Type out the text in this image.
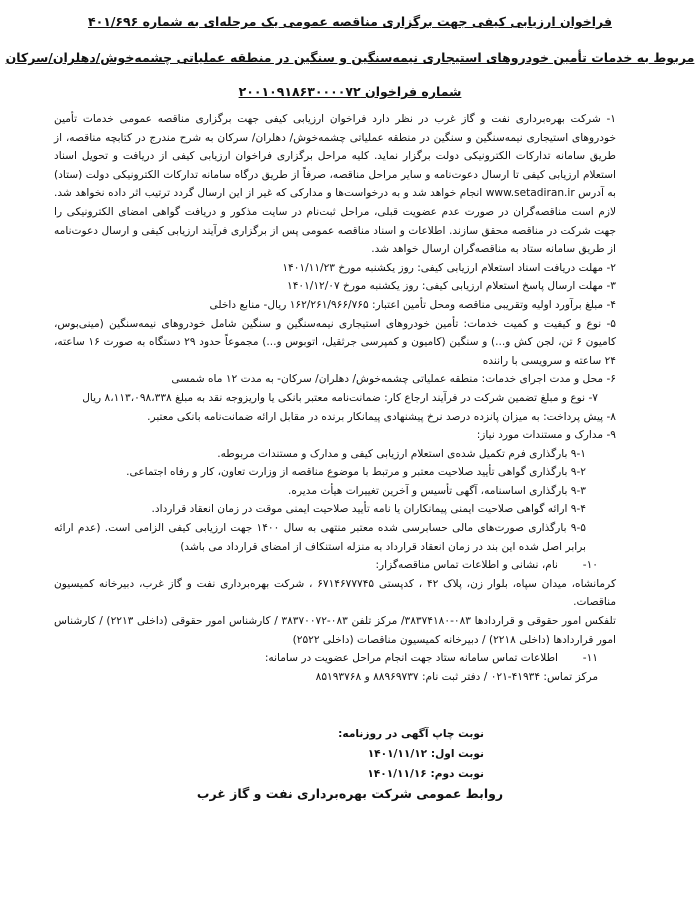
فراخوان ارزیابی کیفی جهت برگزاری مناقصه عمومی یک مرحله‌ای به شماره ۴۰۱/۶۹۶

مربوط به خدمات تأمین خودروهای استیجاری نیمه‌سنگین و سنگین در منطقه عملیاتی چشمه‌خوش/دهلران/سرکان

شماره فراخوان ۲۰۰۱۰۹۱۸۶۳۰۰۰۰۷۲

۱- شرکت بهره‌برداری نفت و گاز غرب در نظر دارد فراخوان ارزیابی کیفی جهت برگزاری مناقصه عمومی خدمات تأمین خودروهای استیجاری نیمه‌سنگین و سنگین در منطقه عملیاتی چشمه‌خوش/ دهلران/ سرکان به شرح مندرج در کتابچه مناقصه، از طریق سامانه تدارکات الکترونیکی دولت برگزار نماید. کلیه مراحل برگزاری فراخوان ارزیابی کیفی از دریافت و تحویل اسناد استعلام ارزیابی کیفی تا ارسال دعوت‌نامه و سایر مراحل مناقصه، صرفاً از طریق درگاه سامانه تدارکات الکترونیکی دولت (ستاد) به آدرس www.setadiran.ir انجام خواهد شد و به درخواست‌ها و مدارکی که غیر از این ارسال گردد ترتیب اثر داده نخواهد شد. لازم است مناقصه‌گران در صورت عدم عضویت قبلی، مراحل ثبت‌نام در سایت مذکور و دریافت گواهی امضای الکترونیکی را جهت شرکت در مناقصه محقق سازند. اطلاعات و اسناد مناقصه عمومی پس از برگزاری فرآیند ارزیابی کیفی و ارسال دعوت‌نامه از طریق سامانه ستاد به مناقصه‌گران ارسال خواهد شد.

۲- مهلت دریافت اسناد استعلام ارزیابی کیفی: روز یکشنبه مورخ ۱۴۰۱/۱۱/۲۳

۳- مهلت ارسال پاسخ استعلام ارزیابی کیفی: روز یکشنبه مورخ ۱۴۰۱/۱۲/۰۷

۴- مبلغ برآورد اولیه وتقریبی مناقصه ومحل تأمین اعتبار: ۱۶۲/۲۶۱/۹۶۶/۷۶۵ ریال- منابع داخلی

۵- نوع و کیفیت و کمیت خدمات: تأمین خودروهای استیجاری نیمه‌سنگین و سنگین شامل خودروهای نیمه‌سنگین (مینی‌بوس، کامیون ۶ تن، لجن کش و...) و سنگین (کامیون و کمپرسی جرثقیل، اتوبوس و...) مجموعاً حدود ۲۹ دستگاه به صورت ۱۶ ساعته، ۲۴ ساعته و سرویسی با راننده

۶- محل و مدت اجرای خدمات: منطقه عملیاتی چشمه‌خوش/ دهلران/ سرکان- به مدت ۱۲ ماه شمسی

۷- نوع و مبلغ تضمین شرکت در فرآیند ارجاع کار: ضمانت‌نامه معتبر بانکی یا واریزوجه نقد به مبلغ ۸،۱۱۳،۰۹۸،۳۳۸ ریال

۸- پیش پرداخت: به میزان پانزده درصد نرخ پیشنهادی پیمانکار برنده در مقابل ارائه ضمانت‌نامه بانکی معتبر.

۹- مدارک و مستندات مورد نیاز:

۹-۱ بارگذاری فرم تکمیل شده‌ی استعلام ارزیابی کیفی و مدارک و مستندات مربوطه.

۹-۲ بارگذاری گواهی تأیید صلاحیت معتبر و مرتبط با موضوع مناقصه از وزارت تعاون، کار و رفاه اجتماعی.

۹-۳ بارگذاری اساسنامه، آگهی تأسیس و آخرین تغییرات هیأت مدیره.

۹-۴ ارائه گواهی صلاحیت ایمنی پیمانکاران یا نامه تأیید صلاحیت ایمنی موقت در زمان انعقاد قرارداد.

۹-۵ بارگذاری صورت‌های مالی حسابرسی شده معتبر منتهی به سال ۱۴۰۰ جهت ارزیابی کیفی الزامی است. (عدم ارائه برابر اصل شده این بند در زمان انعقاد قرارداد به منزله استنکاف از امضای قرارداد می باشد)

۱۰-نام، نشانی و اطلاعات تماس مناقصه‌گزار:

کرمانشاه، میدان سپاه، بلوار زن، پلاک ۴۲ ، کدپستی ۶۷۱۴۶۷۷۷۴۵ ، شرکت بهره‌برداری نفت و گاز غرب، دبیرخانه کمیسیون مناقصات.

تلفکس امور حقوقی و قراردادها ۰۸۳-۳۸۳۷۴۱۸۰/ مرکز تلفن ۰۸۳-۳۸۳۷۰۰۷۲ / کارشناس امور حقوقی (داخلی ۲۲۱۳) / کارشناس امور قراردادها (داخلی ۲۲۱۸) / دبیرخانه کمیسیون مناقصات (داخلی ۲۵۲۲)

۱۱-اطلاعات تماس سامانه ستاد جهت انجام مراحل عضویت در سامانه:

مرکز تماس: ۴۱۹۳۴-۰۲۱ / دفتر ثبت نام: ۸۸۹۶۹۷۳۷ و ۸۵۱۹۳۷۶۸

نوبت چاپ آگهی در روزنامه:
نوبت اول: ۱۴۰۱/۱۱/۱۲
نوبت دوم: ۱۴۰۱/۱۱/۱۶
روابط عمومی شرکت بهره‌برداری نفت و گاز غرب
